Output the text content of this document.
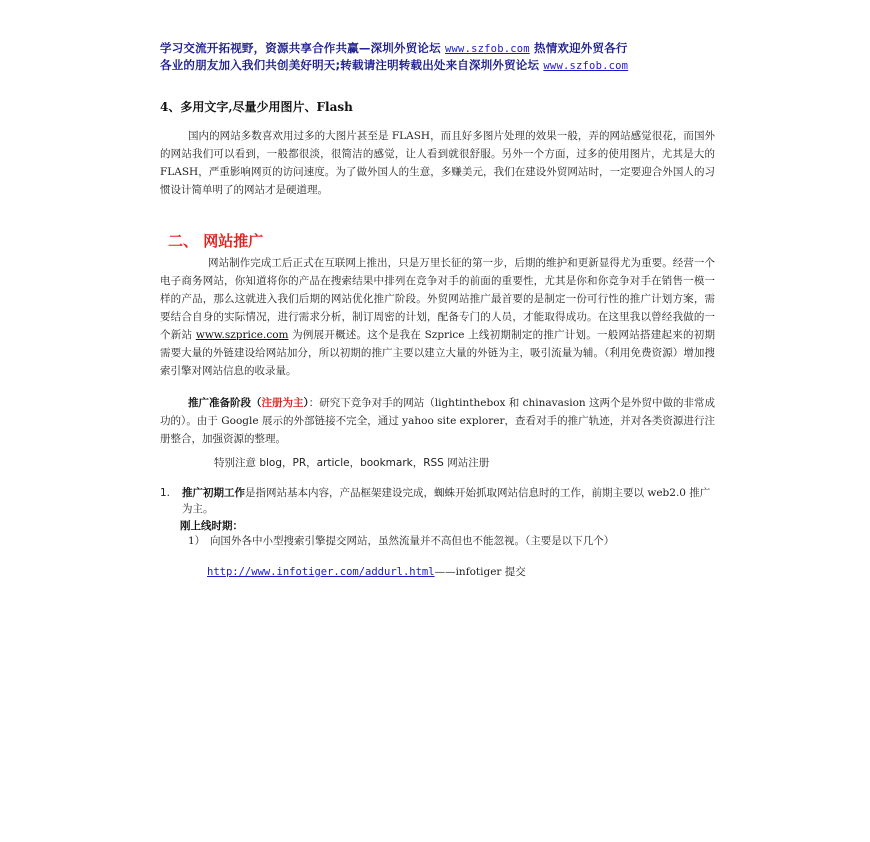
学习交流开拓视野，资源共享合作共赢—深圳外贸论坛 www.szfob.com 热情欢迎外贸各行
各业的朋友加入我们共创美好明天;转载请注明转载出处来自深圳外贸论坛 www.szfob.com
4、多用文字,尽量少用图片、Flash
国内的网站多数喜欢用过多的大图片甚至是 FLASH，而且好多图片处理的效果一般，弄的网站感觉很花，而国外的网站我们可以看到，一般都很淡，很简洁的感觉，让人看到就很舒服。另外一个方面，过多的使用图片，尤其是大的 FLASH，严重影响网页的访问速度。为了做外国人的生意，多赚美元，我们在建设外贸网站时，一定要迎合外国人的习惯设计简单明了的网站才是硬道理。
二、 网站推广
网站制作完成工后正式在互联网上推出，只是万里长征的第一步，后期的维护和更新显得尤为重要。经营一个电子商务网站，你知道将你的产品在搜索结果中排列在竞争对手的前面的重要性，尤其是你和你竞争对手在销售一模一样的产品，那么这就进入我们后期的网站优化推广阶段。外贸网站推广最首要的是制定一份可行性的推广计划方案，需要结合自身的实际情况，进行需求分析，制订周密的计划，配备专门的人员，才能取得成功。在这里我以曾经我做的一个新站 www.szprice.com 为例展开概述。这个是我在 Szprice 上线初期制定的推广计划。一般网站搭建起来的初期需要大量的外链建设给网站加分，所以初期的推广主要以建立大量的外链为主，吸引流量为辅。（利用免费资源）增加搜索引擎对网站信息的收录量。
推广准备阶段（注册为主）：研究下竞争对手的网站（lightinthebox 和 chinavasion 这两个是外贸中做的非常成功的）。由于 Google 展示的外部链接不完全，通过 yahoo site explorer，查看对手的推广轨迹，并对各类资源进行注册整合，加强资源的整理。
特别注意 blog，PR，article，bookmark，RSS 网站注册
1. 推广初期工作是指网站基本内容，产品框架建设完成，蜘蛛开始抓取网站信息时的工作，前期主要以 web2.0 推广为主。
刚上线时期：
1） 向国外各中小型搜索引擎提交网站，虽然流量并不高但也不能忽视。（主要是以下几个）
http://www.infotiger.com/addurl.html——infotiger 提交
